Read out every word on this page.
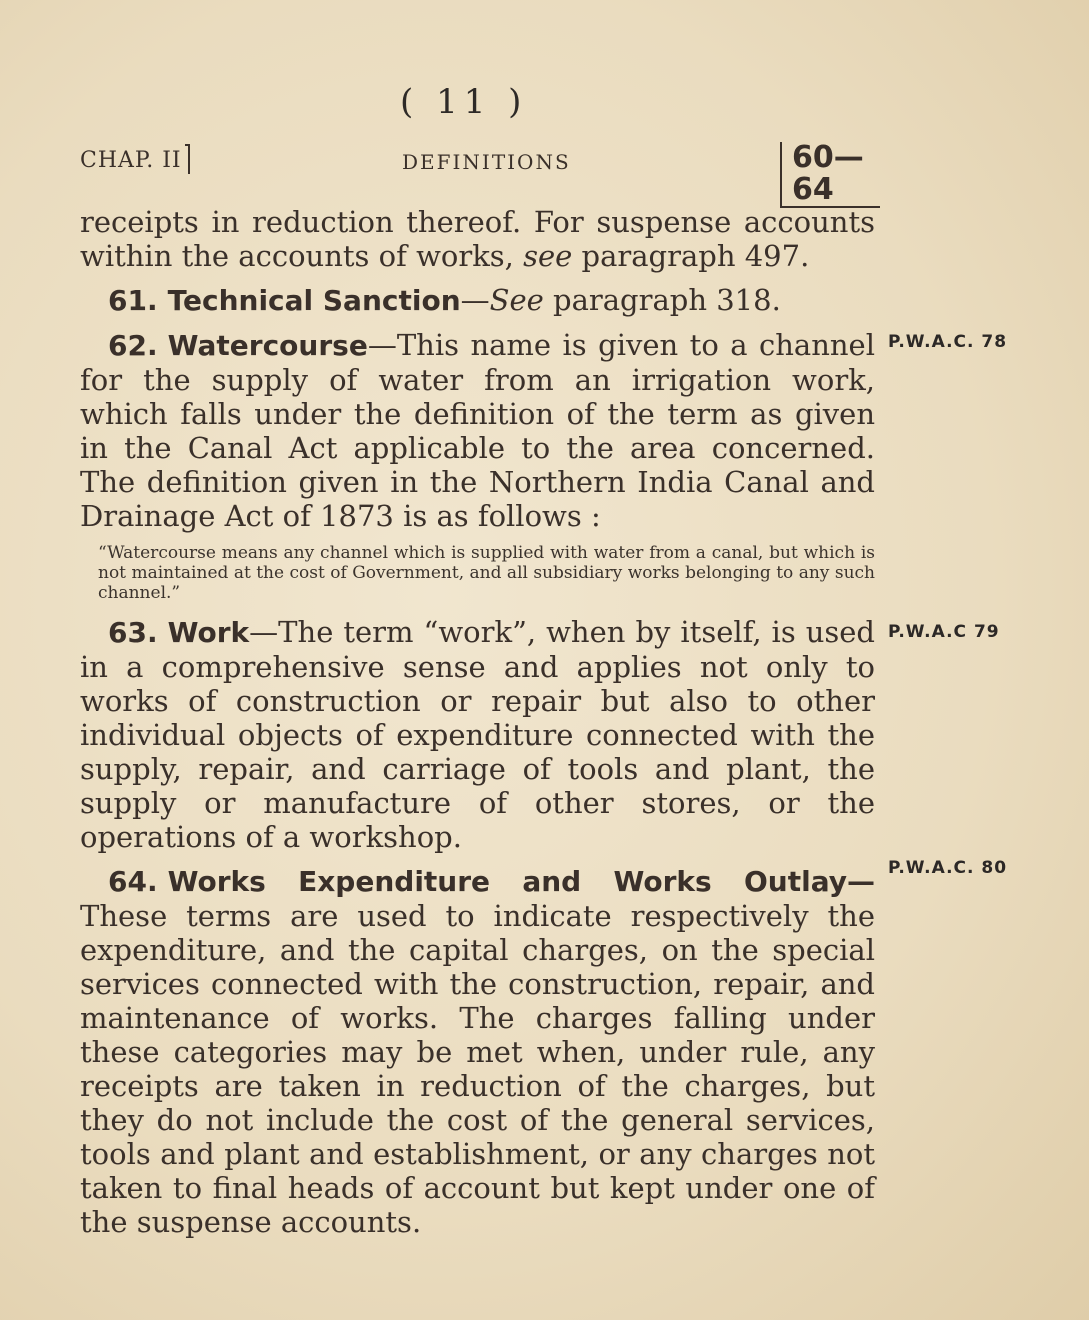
( 11 )
CHAP. II	DEFINITIONS	60—64

receipts in reduction thereof. For suspense accounts within the accounts of works, see paragraph 497.

61. Technical Sanction—See paragraph 318.

62. Watercourse—This name is given to a channel for the supply of water from an irrigation work, which falls under the definition of the term as given in the Canal Act applicable to the area concerned. The definition given in the Northern India Canal and Drainage Act of 1873 is as follows :

“Watercourse means any channel which is supplied with water from a canal, but which is not maintained at the cost of Government, and all subsidiary works belonging to any such channel.”

63. Work—The term “work”, when by itself, is used in a comprehensive sense and applies not only to works of construction or repair but also to other individual objects of expenditure connected with the supply, repair, and carriage of tools and plant, the supply or manufacture of other stores, or the operations of a workshop.

64. Works Expenditure and Works Outlay— These terms are used to indicate respectively the expenditure, and the capital charges, on the special services connected with the construction, repair, and maintenance of works. The charges falling under these categories may be met when, under rule, any receipts are taken in reduction of the charges, but they do not include the cost of the general services, tools and plant and establishment, or any charges not taken to final heads of account but kept under one of the suspense accounts.

P.W.A.C. 78
P.W.A.C 79
P.W.A.C. 80
